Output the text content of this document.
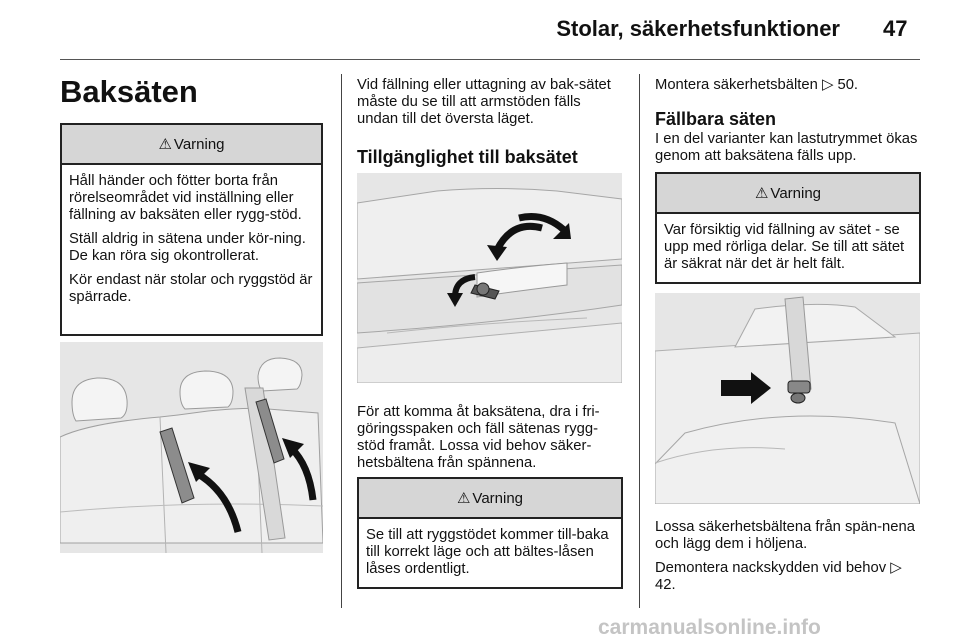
Stolar, säkerhetsfunktioner 47
Baksäten
⚠ Varning

Håll händer och fötter borta från rörelseområdet vid inställning eller fällning av baksäten eller rygg-stöd.

Ställ aldrig in sätena under kör-ning. De kan röra sig okontrollerat.

Kör endast när stolar och ryggstöd är spärrade.

Vid fällning eller uttagning av bak-sätet måste du se till att armstöden fälls undan till det översta läget.
Tillgänglighet till baksätet
För att komma åt baksätena, dra i fri-göringsspaken och fäll sätenas rygg-stöd framåt. Lossa vid behov säker-hetsbältena från spännena.
⚠ Varning

Se till att ryggstödet kommer till-baka till korrekt läge och att bältes-låsen låses ordentligt.

Montera säkerhetsbälten ▷ 50.
Fällbara säten
I en del varianter kan lastutrymmet ökas genom att baksätena fälls upp.
⚠ Varning

Var försiktig vid fällning av sätet - se upp med rörliga delar. Se till att sätet är säkrat när det är helt fält.

Lossa säkerhetsbältena från spän-nena och lägg dem i höljena.
Demontera nackskydden vid behov ▷ 42.
carmanualsonline.info
